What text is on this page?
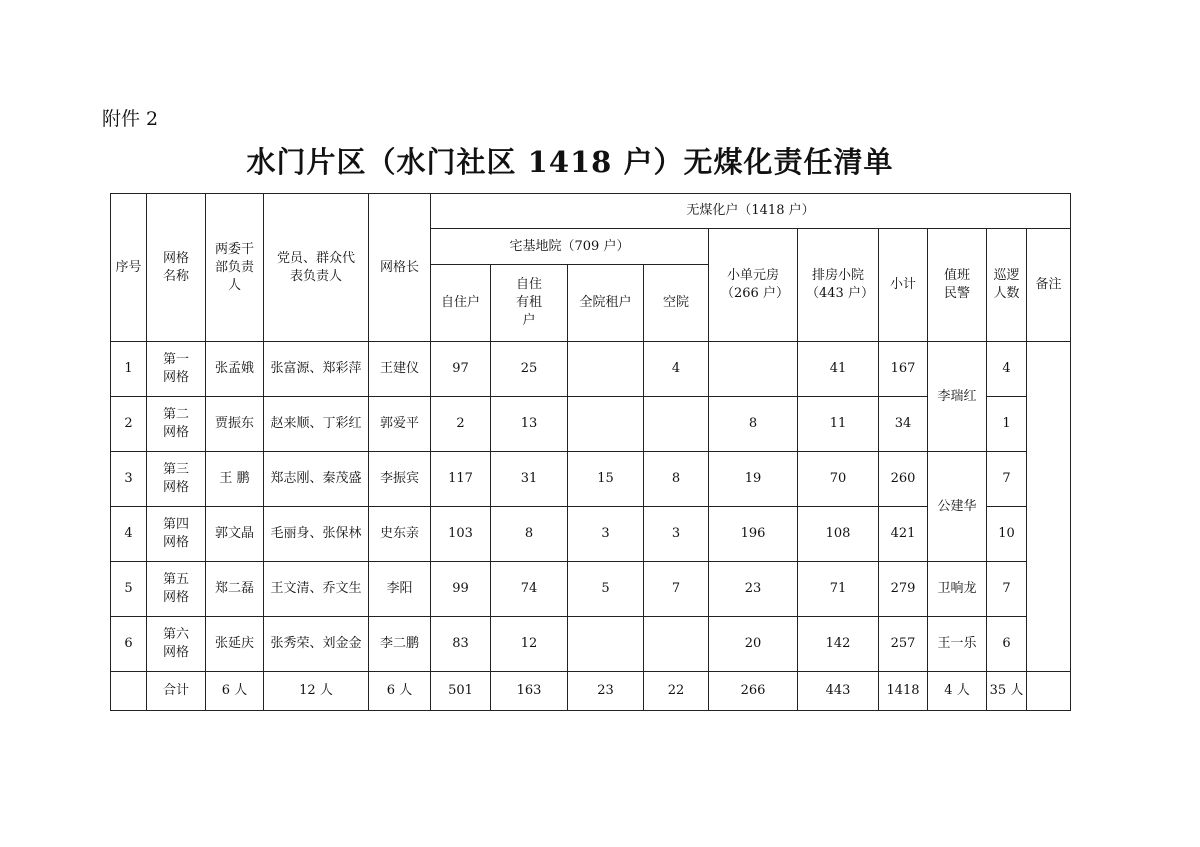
附件 2
水门片区（水门社区 1418 户）无煤化责任清单
序号	网格名称	两委干部负责人	党员、群众代表负责人	网格长	无煤化户（1418 户）									
					宅基地院（709 户）				小单元房（266 户）	排房小院（443 户）	小计	值班民警	巡逻人数	备注
					自住户	自住有租户	全院租户	空院						
1	第一网格	张孟娥	张富源、郑彩萍	王建仪	97	25		4		41	167	李瑞红	4	
2	第二网格	贾振东	赵来顺、丁彩红	郭爱平	2	13			8	11	34		1	
3	第三网格	王 鹏	郑志刚、秦茂盛	李振宾	117	31	15	8	19	70	260	公建华	7	
4	第四网格	郭文晶	毛丽身、张保林	史东亲	103	8	3	3	196	108	421		10	
5	第五网格	郑二磊	王文清、乔文生	李阳	99	74	5	7	23	71	279	卫响龙	7	
6	第六网格	张延庆	张秀荣、刘金金	李二鹏	83	12			20	142	257	王一乐	6	
	合计	6 人	12 人	6 人	501	163	23	22	266	443	1418	4 人	35 人	
